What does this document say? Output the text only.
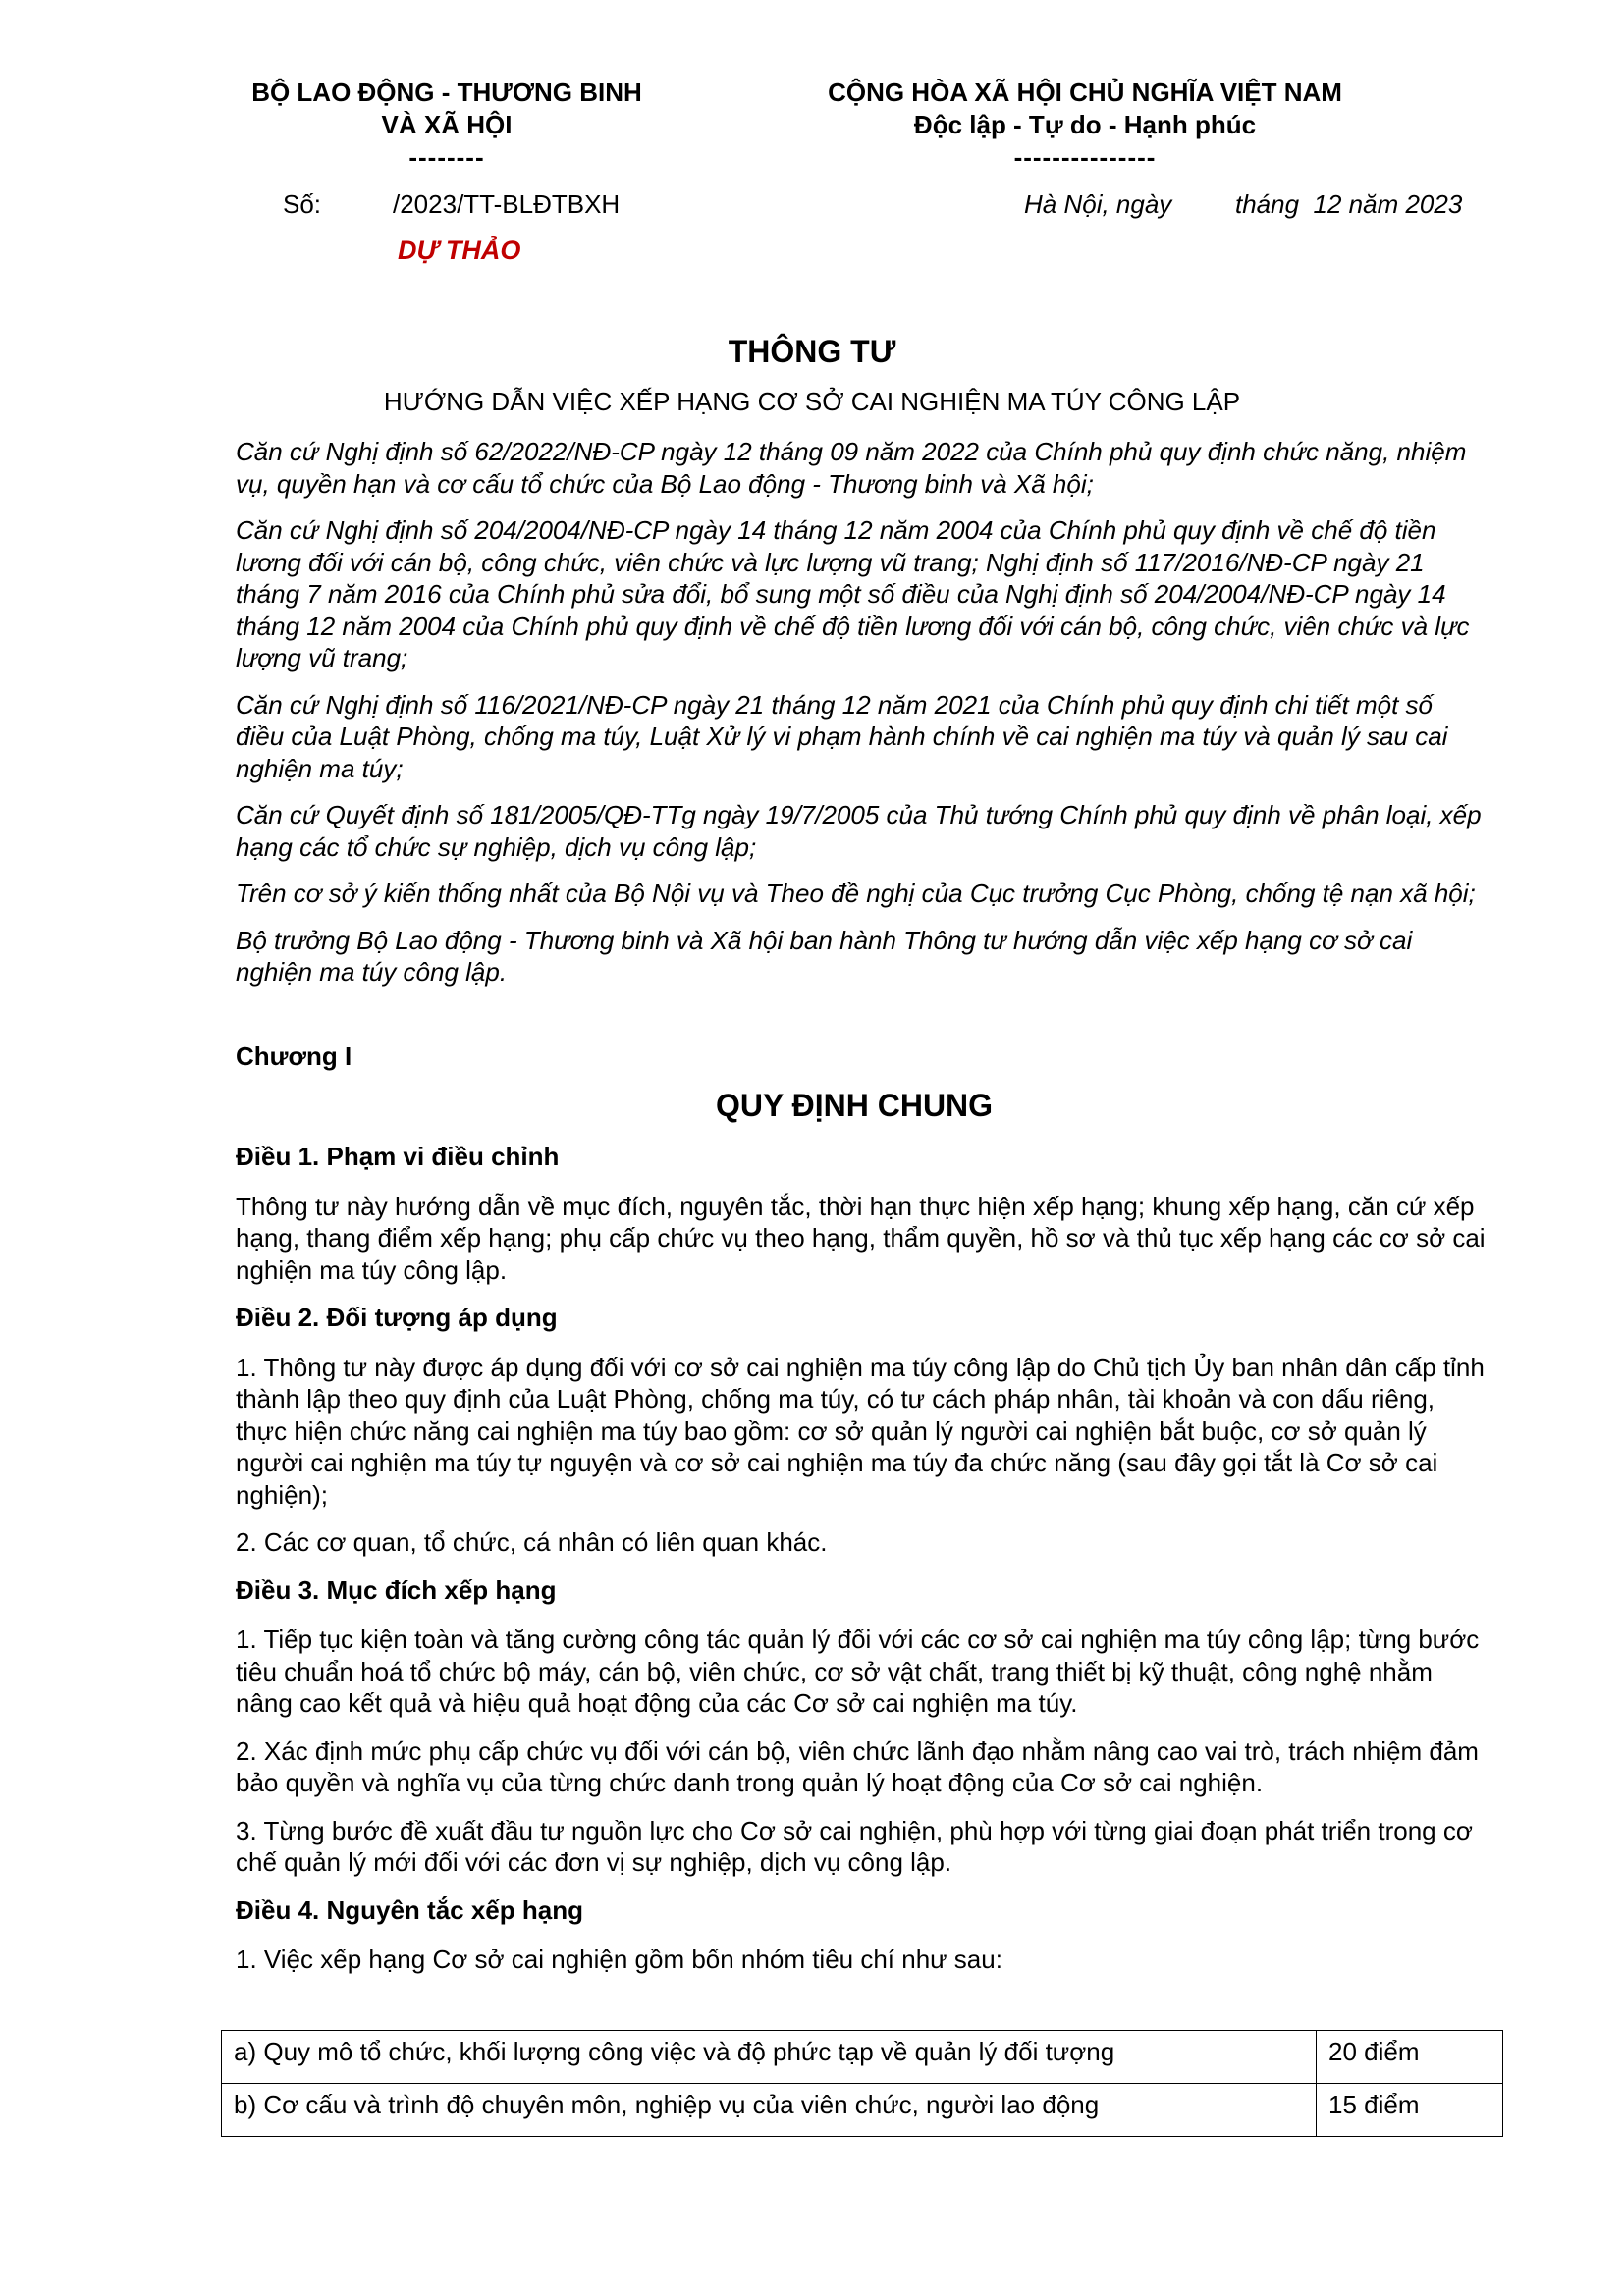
BỘ LAO ĐỘNG - THƯƠNG BINH
VÀ XÃ HỘI
--------
CỘNG HÒA XÃ HỘI CHỦ NGHĨA VIỆT NAM
Độc lập - Tự do - Hạnh phúc
---------------
Số:	/2023/TT-BLĐTBXH	Hà Nội, ngày tháng  12 năm 2023
DỰ THẢO
THÔNG TƯ
HƯỚNG DẪN VIỆC XẾP HẠNG CƠ SỞ CAI NGHIỆN MA TÚY CÔNG LẬP

Căn cứ Nghị định số 62/2022/NĐ-CP ngày 12 tháng 09 năm 2022 của Chính phủ quy định chức năng, nhiệm vụ, quyền hạn và cơ cấu tổ chức của Bộ Lao động - Thương binh và Xã hội;

Căn cứ Nghị định số 204/2004/NĐ-CP ngày 14 tháng 12 năm 2004 của Chính phủ quy định về chế độ tiền lương đối với cán bộ, công chức, viên chức và lực lượng vũ trang; Nghị định số 117/2016/NĐ-CP ngày 21 tháng 7 năm 2016 của Chính phủ sửa đổi, bổ sung một số điều của Nghị định số 204/2004/NĐ-CP ngày 14 tháng 12 năm 2004 của Chính phủ quy định về chế độ tiền lương đối với cán bộ, công chức, viên chức và lực lượng vũ trang;

Căn cứ Nghị định số 116/2021/NĐ-CP ngày 21 tháng 12 năm 2021 của Chính phủ quy định chi tiết một số điều của Luật Phòng, chống ma túy, Luật Xử lý vi phạm hành chính về cai nghiện ma túy và quản lý sau cai nghiện ma túy;

Căn cứ Quyết định số 181/2005/QĐ-TTg ngày 19/7/2005 của Thủ tướng Chính phủ quy định về phân loại, xếp hạng các tổ chức sự nghiệp, dịch vụ công lập;

Trên cơ sở ý kiến thống nhất của Bộ Nội vụ và Theo đề nghị của Cục trưởng Cục Phòng, chống tệ nạn xã hội;

Bộ trưởng Bộ Lao động - Thương binh và Xã hội ban hành Thông tư hướng dẫn việc xếp hạng cơ sở cai nghiện ma túy công lập.

Chương I
QUY ĐỊNH CHUNG

Điều 1. Phạm vi điều chỉnh

Thông tư này hướng dẫn về mục đích, nguyên tắc, thời hạn thực hiện xếp hạng; khung xếp hạng, căn cứ xếp hạng, thang điểm xếp hạng; phụ cấp chức vụ theo hạng, thẩm quyền, hồ sơ và thủ tục xếp hạng các cơ sở cai nghiện ma túy công lập.

Điều 2. Đối tượng áp dụng

1. Thông tư này được áp dụng đối với cơ sở cai nghiện ma túy công lập do Chủ tịch Ủy ban nhân dân cấp tỉnh thành lập theo quy định của Luật Phòng, chống ma túy, có tư cách pháp nhân, tài khoản và con dấu riêng, thực hiện chức năng cai nghiện ma túy bao gồm: cơ sở quản lý người cai nghiện bắt buộc, cơ sở quản lý người cai nghiện ma túy tự nguyện và cơ sở cai nghiện ma túy đa chức năng (sau đây gọi tắt là Cơ sở cai nghiện);

2. Các cơ quan, tổ chức, cá nhân có liên quan khác.

Điều 3. Mục đích xếp hạng

1. Tiếp tục kiện toàn và tăng cường công tác quản lý đối với các cơ sở cai nghiện ma túy công lập; từng bước tiêu chuẩn hoá tổ chức bộ máy, cán bộ, viên chức, cơ sở vật chất, trang thiết bị kỹ thuật, công nghệ nhằm nâng cao kết quả và hiệu quả hoạt động của các Cơ sở cai nghiện ma túy.

2. Xác định mức phụ cấp chức vụ đối với cán bộ, viên chức lãnh đạo nhằm nâng cao vai trò, trách nhiệm đảm bảo quyền và nghĩa vụ của từng chức danh trong quản lý hoạt động của Cơ sở cai nghiện.

3. Từng bước đề xuất đầu tư nguồn lực cho Cơ sở cai nghiện, phù hợp với từng giai đoạn phát triển trong cơ chế quản lý mới đối với các đơn vị sự nghiệp, dịch vụ công lập.

Điều 4. Nguyên tắc xếp hạng

1. Việc xếp hạng Cơ sở cai nghiện gồm bốn nhóm tiêu chí như sau:

a) Quy mô tổ chức, khối lượng công việc và độ phức tạp về quản lý đối tượng	20 điểm
b) Cơ cấu và trình độ chuyên môn, nghiệp vụ của viên chức, người lao động	15 điểm
